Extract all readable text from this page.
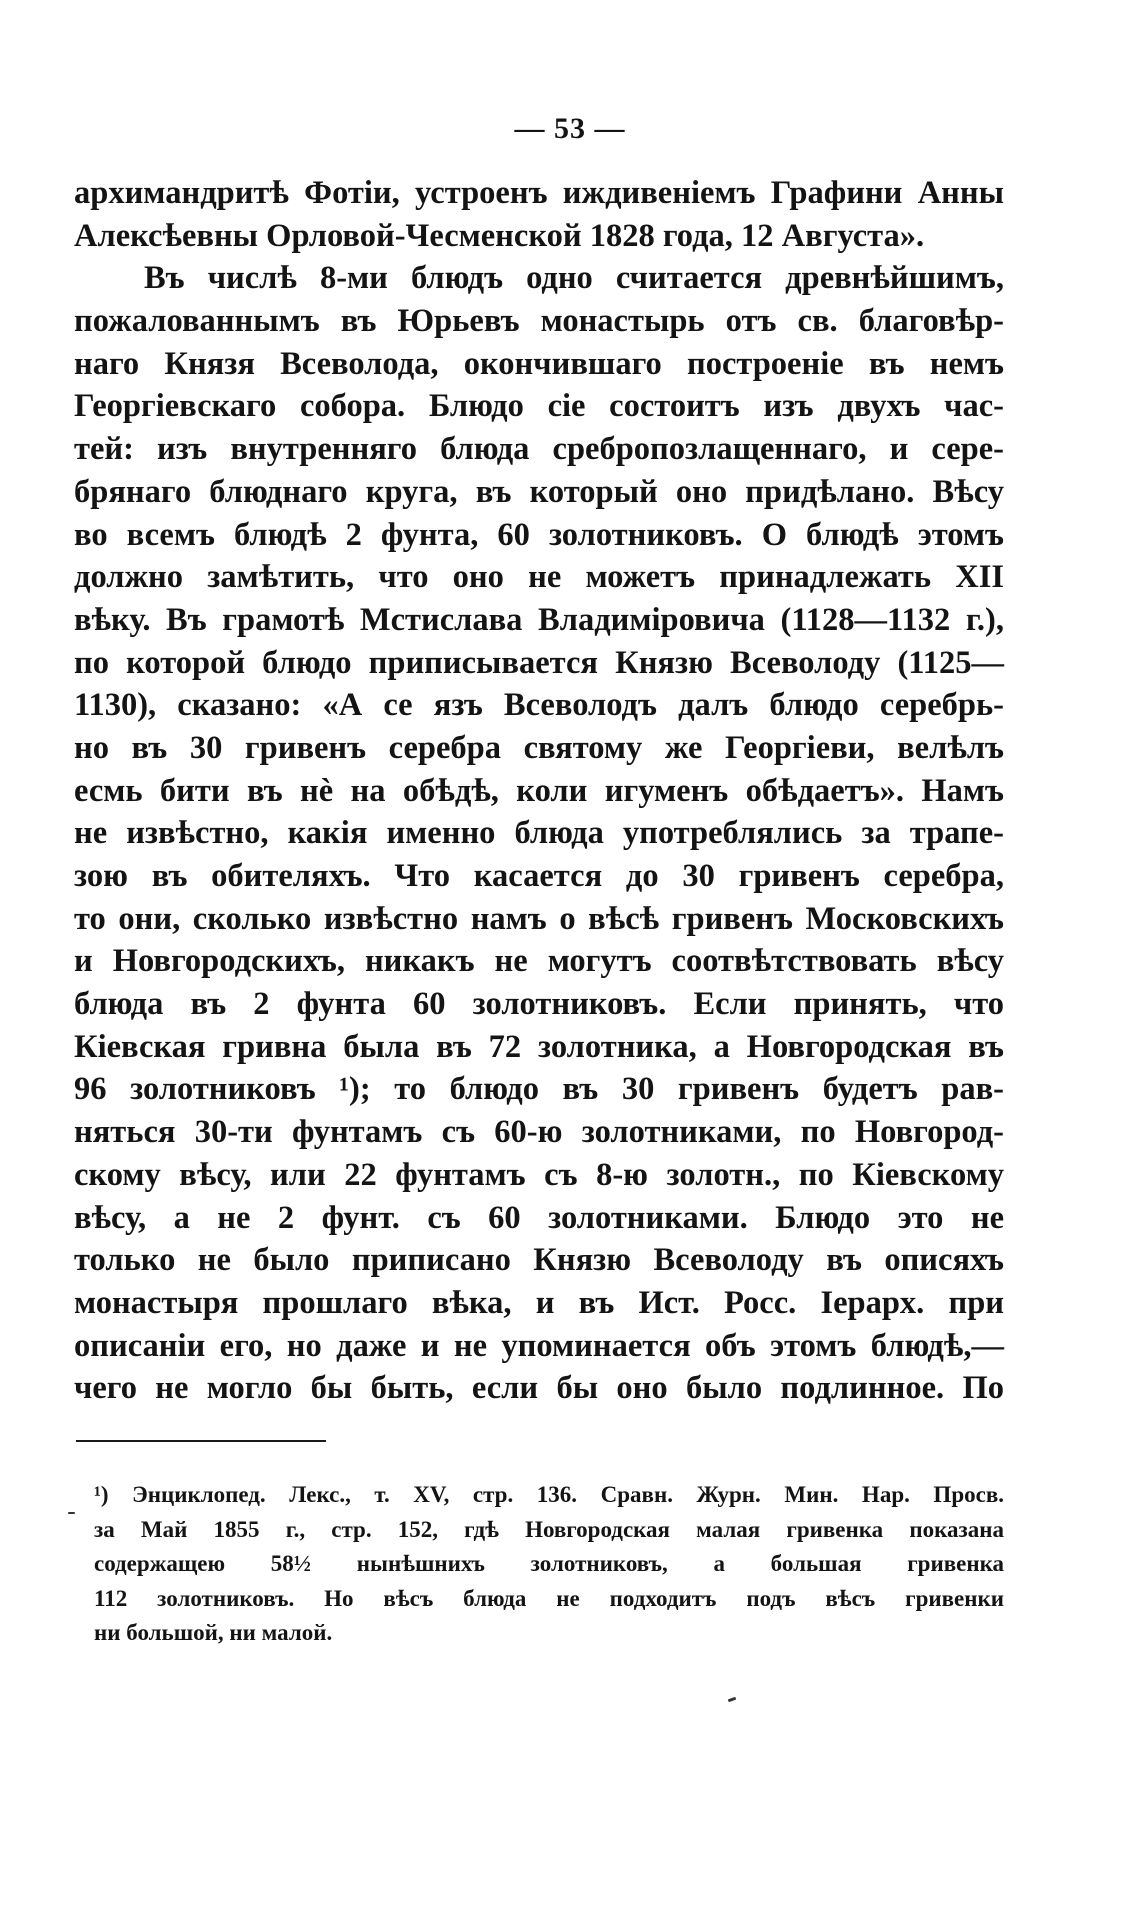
— 53 —
архимандритѣ Фотіи, устроенъ иждивеніемъ Графини Анны
Алексѣевны Орловой-Чесменской 1828 года, 12 Августа».
Въ числѣ 8-ми блюдъ одно считается древнѣйшимъ,
пожалованнымъ въ Юрьевъ монастырь отъ св. благовѣр-
наго Князя Всеволода, окончившаго построеніе въ немъ
Георгіевскаго собора. Блюдо сіе состоитъ изъ двухъ час-
тей: изъ внутренняго блюда сребропозлащеннаго, и сере-
брянаго блюднаго круга, въ который оно придѣлано. Вѣсу
во всемъ блюдѣ 2 фунта, 60 золотниковъ. О блюдѣ этомъ
должно замѣтить, что оно не можетъ принадлежать XII
вѣку. Въ грамотѣ Мстислава Владиміровича (1128—1132 г.),
по которой блюдо приписывается Князю Всеволоду (1125—
1130), сказано: «А се язъ Всеволодъ далъ блюдо серебрь-
но въ 30 гривенъ серебра святому же Георгіеви, велѣлъ
есмь бити въ нѐ на обѣдѣ, коли игуменъ обѣдаетъ». Намъ
не извѣстно, какія именно блюда употреблялись за трапе-
зою въ обителяхъ. Что касается до 30 гривенъ серебра,
то они, сколько извѣстно намъ о вѣсѣ гривенъ Московскихъ
и Новгородскихъ, никакъ не могутъ соотвѣтствовать вѣсу
блюда въ 2 фунта 60 золотниковъ. Если принять, что
Кіевская гривна была въ 72 золотника, а Новгородская въ
96 золотниковъ ¹); то блюдо въ 30 гривенъ будетъ рав-
няться 30-ти фунтамъ съ 60-ю золотниками, по Новгород-
скому вѣсу, или 22 фунтамъ съ 8-ю золотн., по Кіевскому
вѣсу, а не 2 фунт. съ 60 золотниками. Блюдо это не
только не было приписано Князю Всеволоду въ описяхъ
монастыря прошлаго вѣка, и въ Ист. Росс. Іерарх. при
описаніи его, но даже и не упоминается объ этомъ блюдѣ,—
чего не могло бы быть, если бы оно было подлинное. По
¹) Энциклопед. Лекс., т. XV, стр. 136. Сравн. Журн. Мин. Нар. Просв.
за Май 1855 г., стр. 152, гдѣ Новгородская малая гривенка показана
содержащею 58½ нынѣшнихъ золотниковъ, а большая гривенка
112 золотниковъ. Но вѣсъ блюда не подходитъ подъ вѣсъ гривенки
ни большой, ни малой.
